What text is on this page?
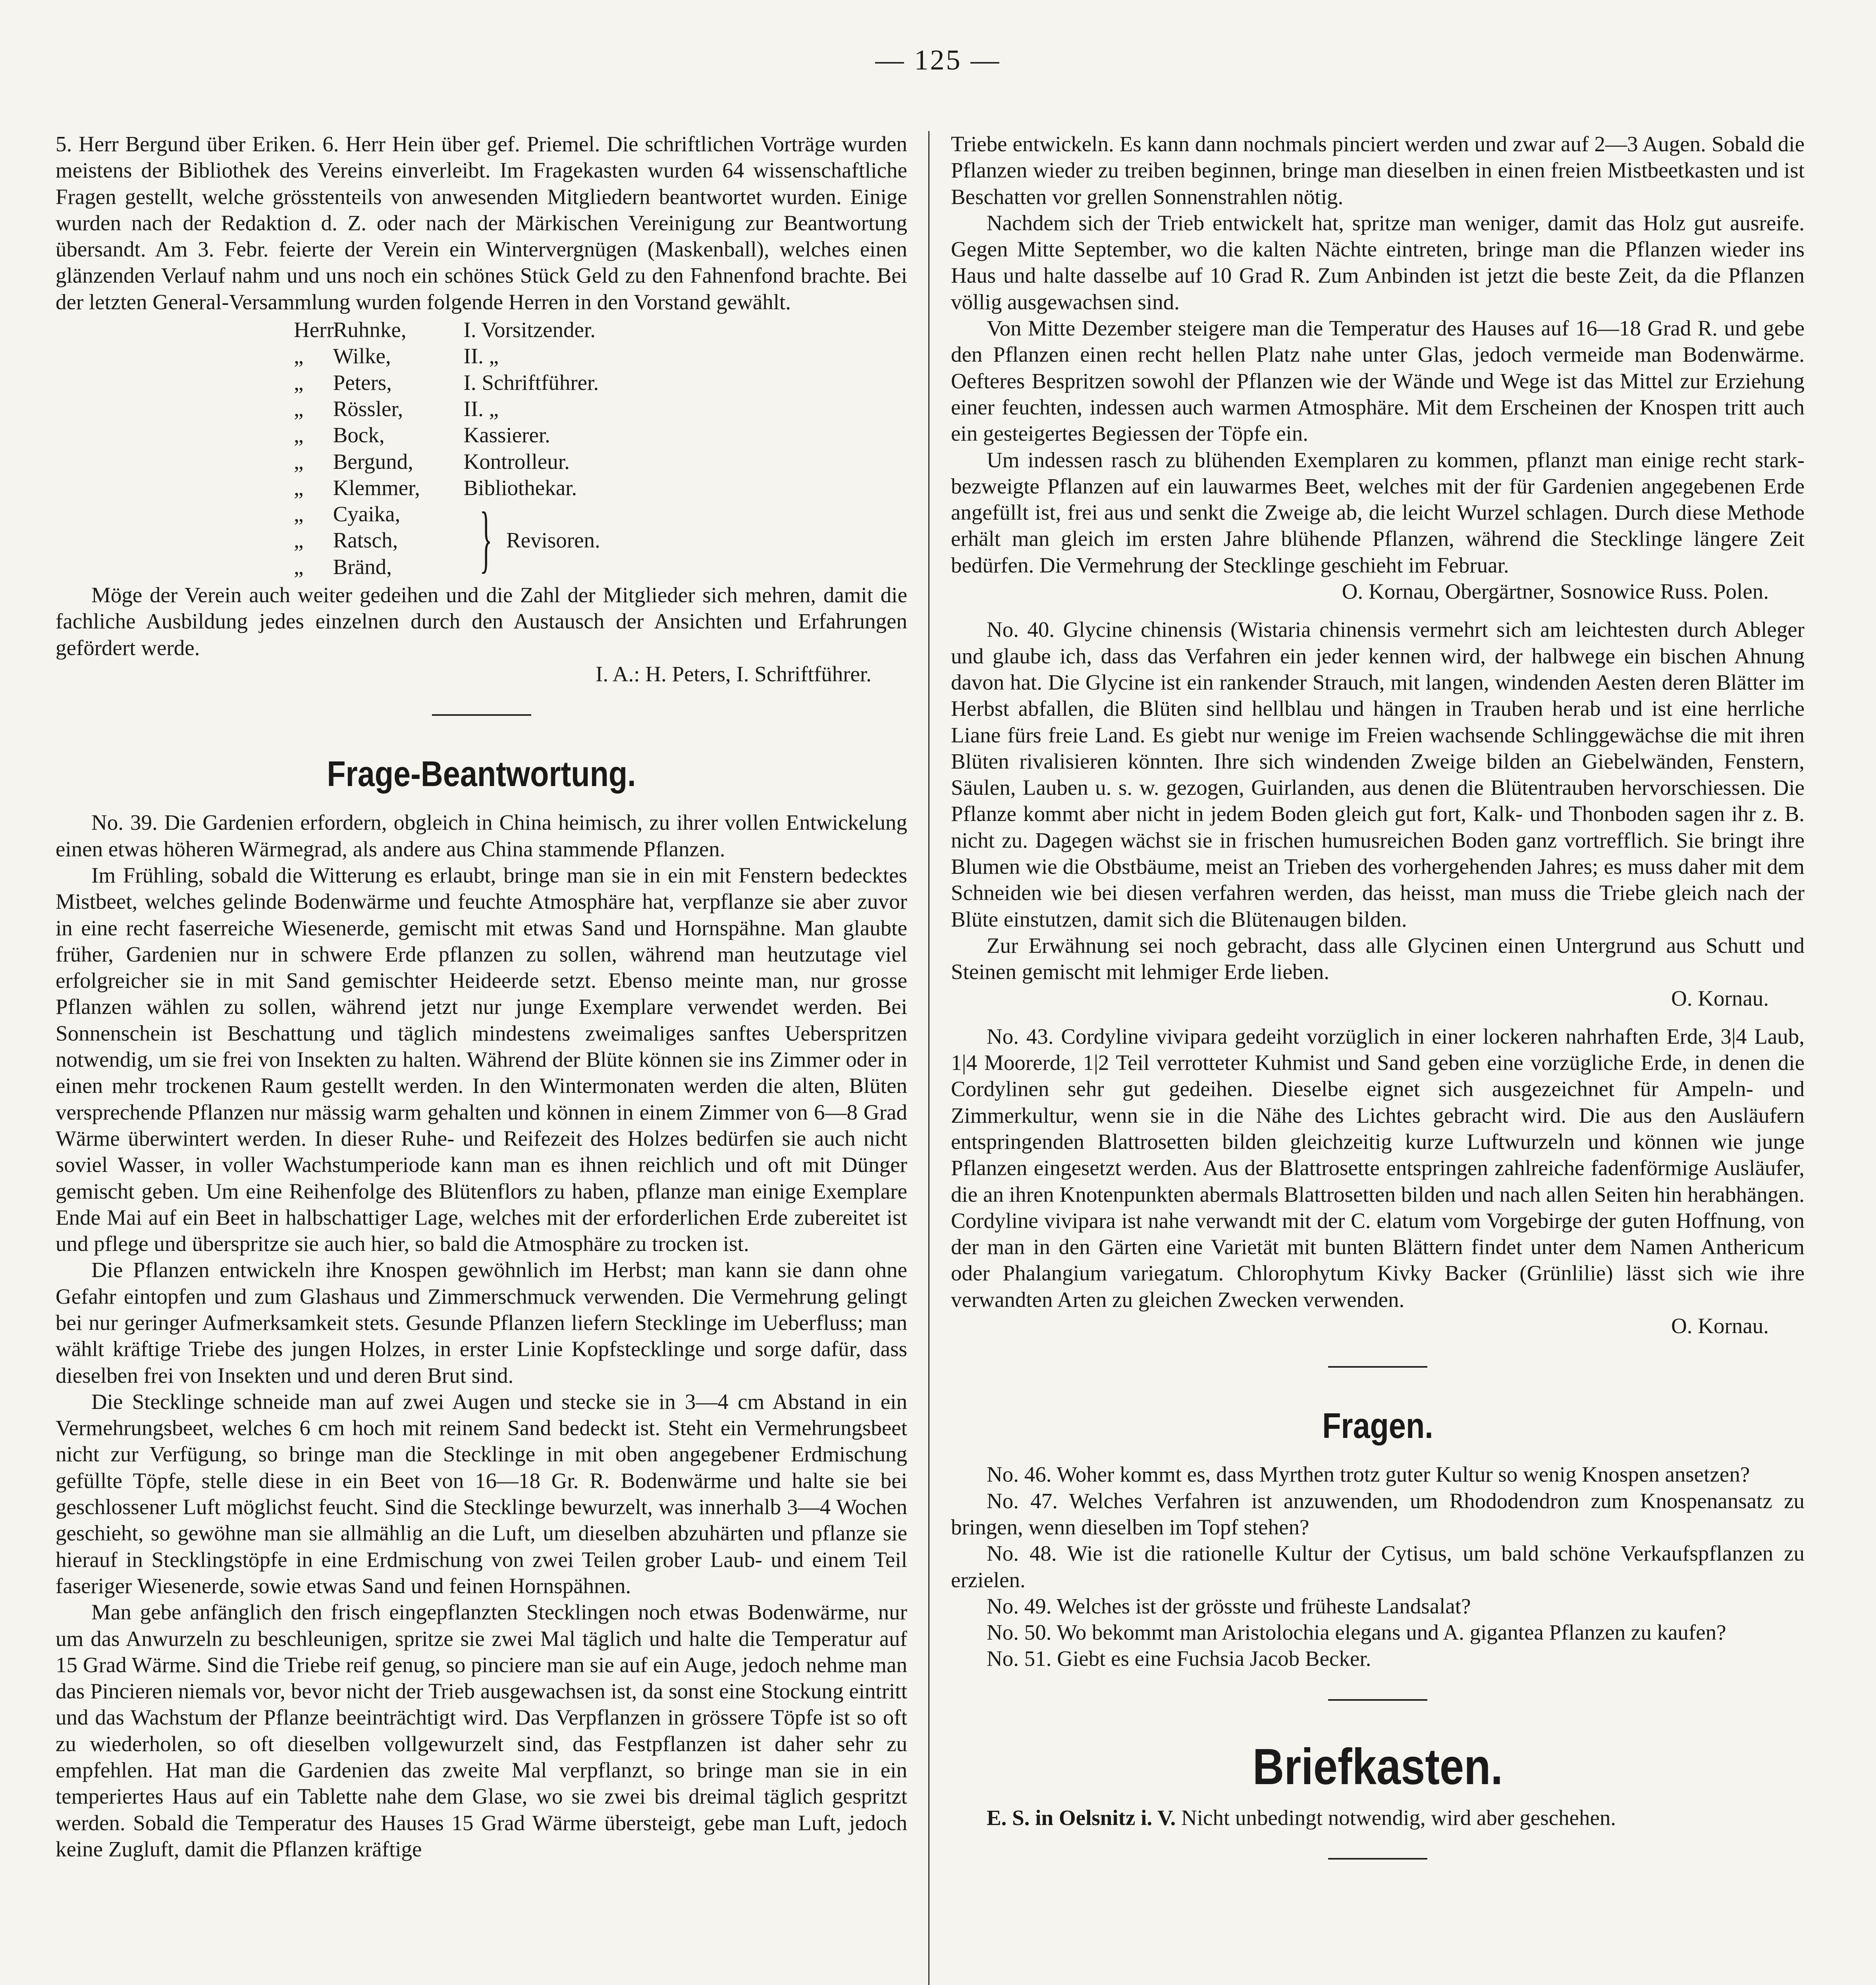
— 125 —

5. Herr Bergund über Eriken. 6. Herr Hein über gef. Priemel. Die schriftlichen Vorträge wurden meistens der Bibliothek des Vereins einverleibt. Im Fragekasten wurden 64 wissenschaftliche Fragen gestellt, welche grösstenteils von anwesenden Mitgliedern beantwortet wurden. Einige wurden nach der Redaktion d. Z. oder nach der Märkischen Vereinigung zur Beantwortung übersandt. Am 3. Febr. feierte der Verein ein Wintervergnügen (Maskenball), welches einen glänzenden Verlauf nahm und uns noch ein schönes Stück Geld zu den Fahnenfond brachte. Bei der letzten General-Versammlung wurden folgende Herren in den Vorstand gewählt.

Herr Ruhnke,	I. Vorsitzender.
„ Wilke,	II. „
„ Peters,	I. Schriftführer.
„ Rössler,	II. „
„ Bock,	Kassierer.
„ Bergund, Kontrolleur.
„ Klemmer, Bibliothekar.
„ Cyaika,
„ Ratsch,
„ Bränd,	} Revisoren.

Möge der Verein auch weiter gedeihen und die Zahl der Mitglieder sich mehren, damit die fachliche Ausbildung jedes einzelnen durch den Austausch der Ansichten und Erfahrungen gefördert werde.

I. A.: H. Peters, I. Schriftführer.

Frage-Beantwortung.

No. 39. Die Gardenien erfordern, obgleich in China heimisch, zu ihrer vollen Entwickelung einen etwas höheren Wärmegrad, als andere aus China stammende Pflanzen.

Im Frühling, sobald die Witterung es erlaubt, bringe man sie in ein mit Fenstern bedecktes Mistbeet, welches gelinde Bodenwärme und feuchte Atmosphäre hat, verpflanze sie aber zuvor in eine recht faserreiche Wiesenerde, gemischt mit etwas Sand und Hornspähne. Man glaubte früher, Gardenien nur in schwere Erde pflanzen zu sollen, während man heutzutage viel erfolgreicher sie in mit Sand gemischter Heideerde setzt. Ebenso meinte man, nur grosse Pflanzen wählen zu sollen, während jetzt nur junge Exemplare verwendet werden. Bei Sonnenschein ist Beschattung und täglich mindestens zweimaliges sanftes Ueberspritzen notwendig, um sie frei von Insekten zu halten. Während der Blüte können sie ins Zimmer oder in einen mehr trockenen Raum gestellt werden. In den Wintermonaten werden die alten, Blüten versprechende Pflanzen nur mässig warm gehalten und können in einem Zimmer von 6—8 Grad Wärme überwintert werden. In dieser Ruhe- und Reifezeit des Holzes bedürfen sie auch nicht soviel Wasser, in voller Wachstumperiode kann man es ihnen reichlich und oft mit Dünger gemischt geben. Um eine Reihenfolge des Blütenflors zu haben, pflanze man einige Exemplare Ende Mai auf ein Beet in halbschattiger Lage, welches mit der erforderlichen Erde zubereitet ist und pflege und überspritze sie auch hier, so bald die Atmosphäre zu trocken ist.

Die Pflanzen entwickeln ihre Knospen gewöhnlich im Herbst; man kann sie dann ohne Gefahr eintopfen und zum Glashaus und Zimmerschmuck verwenden. Die Vermehrung gelingt bei nur geringer Aufmerksamkeit stets. Gesunde Pflanzen liefern Stecklinge im Ueberfluss; man wählt kräftige Triebe des jungen Holzes, in erster Linie Kopfstecklinge und sorge dafür, dass dieselben frei von Insekten und und deren Brut sind.

Die Stecklinge schneide man auf zwei Augen und stecke sie in 3—4 cm Abstand in ein Vermehrungsbeet, welches 6 cm hoch mit reinem Sand bedeckt ist. Steht ein Vermehrungsbeet nicht zur Verfügung, so bringe man die Stecklinge in mit oben angegebener Erdmischung gefüllte Töpfe, stelle diese in ein Beet von 16—18 Gr. R. Bodenwärme und halte sie bei geschlossener Luft möglichst feucht. Sind die Stecklinge bewurzelt, was innerhalb 3—4 Wochen geschieht, so gewöhne man sie allmählig an die Luft, um dieselben abzuhärten und pflanze sie hierauf in Stecklingstöpfe in eine Erdmischung von zwei Teilen grober Laub- und einem Teil faseriger Wiesenerde, sowie etwas Sand und feinen Hornspähnen.

Man gebe anfänglich den frisch eingepflanzten Stecklingen noch etwas Bodenwärme, nur um das Anwurzeln zu beschleunigen, spritze sie zwei Mal täglich und halte die Temperatur auf 15 Grad Wärme. Sind die Triebe reif genug, so pinciere man sie auf ein Auge, jedoch nehme man das Pincieren niemals vor, bevor nicht der Trieb ausgewachsen ist, da sonst eine Stockung eintritt und das Wachstum der Pflanze beeinträchtigt wird. Das Verpflanzen in grössere Töpfe ist so oft zu wiederholen, so oft dieselben vollgewurzelt sind, das Festpflanzen ist daher sehr zu empfehlen. Hat man die Gardenien das zweite Mal verpflanzt, so bringe man sie in ein temperiertes Haus auf ein Tablette nahe dem Glase, wo sie zwei bis dreimal täglich gespritzt werden. Sobald die Temperatur des Hauses 15 Grad Wärme übersteigt, gebe man Luft, jedoch keine Zugluft, damit die Pflanzen kräftige

Triebe entwickeln. Es kann dann nochmals pinciert werden und zwar auf 2—3 Augen. Sobald die Pflanzen wieder zu treiben beginnen, bringe man dieselben in einen freien Mistbeetkasten und ist Beschatten vor grellen Sonnenstrahlen nötig.

Nachdem sich der Trieb entwickelt hat, spritze man weniger, damit das Holz gut ausreife. Gegen Mitte September, wo die kalten Nächte eintreten, bringe man die Pflanzen wieder ins Haus und halte dasselbe auf 10 Grad R. Zum Anbinden ist jetzt die beste Zeit, da die Pflanzen völlig ausgewachsen sind.

Von Mitte Dezember steigere man die Temperatur des Hauses auf 16—18 Grad R. und gebe den Pflanzen einen recht hellen Platz nahe unter Glas, jedoch vermeide man Bodenwärme. Oefteres Bespritzen sowohl der Pflanzen wie der Wände und Wege ist das Mittel zur Erziehung einer feuchten, indessen auch warmen Atmosphäre. Mit dem Erscheinen der Knospen tritt auch ein gesteigertes Begiessen der Töpfe ein.

Um indessen rasch zu blühenden Exemplaren zu kommen, pflanzt man einige recht stark-bezweigte Pflanzen auf ein lauwarmes Beet, welches mit der für Gardenien angegebenen Erde angefüllt ist, frei aus und senkt die Zweige ab, die leicht Wurzel schlagen. Durch diese Methode erhält man gleich im ersten Jahre blühende Pflanzen, während die Stecklinge längere Zeit bedürfen. Die Vermehrung der Stecklinge geschieht im Februar.

O. Kornau, Obergärtner, Sosnowice Russ. Polen.

No. 40. Glycine chinensis (Wistaria chinensis vermehrt sich am leichtesten durch Ableger und glaube ich, dass das Verfahren ein jeder kennen wird, der halbwege ein bischen Ahnung davon hat. Die Glycine ist ein rankender Strauch, mit langen, windenden Aesten deren Blätter im Herbst abfallen, die Blüten sind hellblau und hängen in Trauben herab und ist eine herrliche Liane fürs freie Land. Es giebt nur wenige im Freien wachsende Schlinggewächse die mit ihren Blüten rivalisieren könnten. Ihre sich windenden Zweige bilden an Giebelwänden, Fenstern, Säulen, Lauben u. s. w. gezogen, Guirlanden, aus denen die Blütentrauben hervorschiessen. Die Pflanze kommt aber nicht in jedem Boden gleich gut fort, Kalk- und Thonboden sagen ihr z. B. nicht zu. Dagegen wächst sie in frischen humusreichen Boden ganz vortrefflich. Sie bringt ihre Blumen wie die Obstbäume, meist an Trieben des vorhergehenden Jahres; es muss daher mit dem Schneiden wie bei diesen verfahren werden, das heisst, man muss die Triebe gleich nach der Blüte einstutzen, damit sich die Blütenaugen bilden.

Zur Erwähnung sei noch gebracht, dass alle Glycinen einen Untergrund aus Schutt und Steinen gemischt mit lehmiger Erde lieben.

O. Kornau.

No. 43. Cordyline vivipara gedeiht vorzüglich in einer lockeren nahrhaften Erde, 3|4 Laub, 1|4 Moorerde, 1|2 Teil verrotteter Kuhmist und Sand geben eine vorzügliche Erde, in denen die Cordylinen sehr gut gedeihen. Dieselbe eignet sich ausgezeichnet für Ampeln- und Zimmerkultur, wenn sie in die Nähe des Lichtes gebracht wird. Die aus den Ausläufern entspringenden Blattrosetten bilden gleichzeitig kurze Luftwurzeln und können wie junge Pflanzen eingesetzt werden. Aus der Blattrosette entspringen zahlreiche fadenförmige Ausläufer, die an ihren Knotenpunkten abermals Blattrosetten bilden und nach allen Seiten hin herabhängen. Cordyline vivipara ist nahe verwandt mit der C. elatum vom Vorgebirge der guten Hoffnung, von der man in den Gärten eine Varietät mit bunten Blättern findet unter dem Namen Anthericum oder Phalangium variegatum. Chlorophytum Kivky Backer (Grünlilie) lässt sich wie ihre verwandten Arten zu gleichen Zwecken verwenden.

O. Kornau.

Fragen.

No. 46. Woher kommt es, dass Myrthen trotz guter Kultur so wenig Knospen ansetzen?

No. 47. Welches Verfahren ist anzuwenden, um Rhododendron zum Knospenansatz zu bringen, wenn dieselben im Topf stehen?

No. 48. Wie ist die rationelle Kultur der Cytisus, um bald schöne Verkaufspflanzen zu erzielen.

No. 49. Welches ist der grösste und früheste Landsalat?

No. 50. Wo bekommt man Aristolochia elegans und A. gigantea Pflanzen zu kaufen?

No. 51. Giebt es eine Fuchsia Jacob Becker.

Briefkasten.

E. S. in Oelsnitz i. V. Nicht unbedingt notwendig, wird aber geschehen.
